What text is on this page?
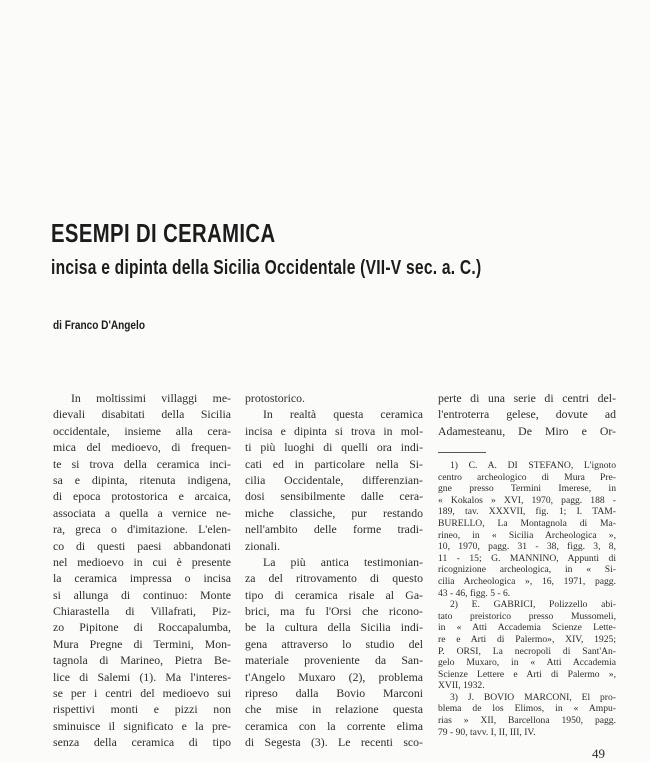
ESEMPI DI CERAMICA
incisa e dipinta della Sicilia Occidentale (VII-V sec. a. C.)

di Franco D'Angelo

In moltissimi villaggi me-
dievali disabitati della Sicilia
occidentale, insieme alla cera-
mica del medioevo, di frequen-
te si trova della ceramica inci-
sa e dipinta, ritenuta indigena,
di epoca protostorica e arcaica,
associata a quella a vernice ne-
ra, greca o d'imitazione. L'elen-
co di questi paesi abbandonati
nel medioevo in cui è presente
la ceramica impressa o incisa
si allunga di continuo: Monte
Chiarastella di Villafrati, Piz-
zo Pipitone di Roccapalumba,
Mura Pregne di Termini, Mon-
tagnola di Marineo, Pietra Be-
lice di Salemi (1). Ma l'interes-
se per i centri del medioevo sui
rispettivi monti e pizzi non
sminuisce il significato e la pre-
senza della ceramica di tipo
protostorico.
In realtà questa ceramica
incisa e dipinta si trova in mol-
ti più luoghi di quelli ora indi-
cati ed in particolare nella Si-
cilia Occidentale, differenzian-
dosi sensibilmente dalle cera-
miche classiche, pur restando
nell'ambito delle forme tradi-
zionali.
La più antica testimonian-
za del ritrovamento di questo
tipo di ceramica risale al Ga-
brici, ma fu l'Orsi che ricono-
be la cultura della Sicilia indi-
gena attraverso lo studio del
materiale proveniente da San-
t'Angelo Muxaro (2), problema
ripreso dalla Bovio Marconi
che mise in relazione questa
ceramica con la corrente elima
di Segesta (3). Le recenti sco-
perte di una serie di centri del-
l'entroterra gelese, dovute ad
Adamesteanu, De Miro e Or-
1) C. A. DI STEFANO, L'ignoto
centro archeologico di Mura Pre-
gne presso Termini Imerese, in
« Kokalos » XVI, 1970, pagg. 188 -
189, tav. XXXVII, fig. 1; I. TAM-
BURELLO, La Montagnola di Ma-
rineo, in « Sicilia Archeologica »,
10, 1970, pagg. 31 - 38, figg. 3, 8,
11 - 15; G. MANNINO, Appunti di
ricognizione archeologica, in « Si-
cilia Archeologica », 16, 1971, pagg.
43 - 46, figg. 5 - 6.
2) E. GABRICI, Polizzello abi-
tato preistorico presso Mussomeli,
in « Atti Accademia Scienze Lette-
re e Arti di Palermo», XIV, 1925;
P. ORSI, La necropoli di Sant'An-
gelo Muxaro, in « Atti Accademia
Scienze Lettere e Arti di Palermo »,
XVII, 1932.
3) J. BOVIO MARCONI, El pro-
blema de los Elimos, in « Ampu-
rias » XII, Barcellona 1950, pagg.
79 - 90, tavv. I, II, III, IV.

49
